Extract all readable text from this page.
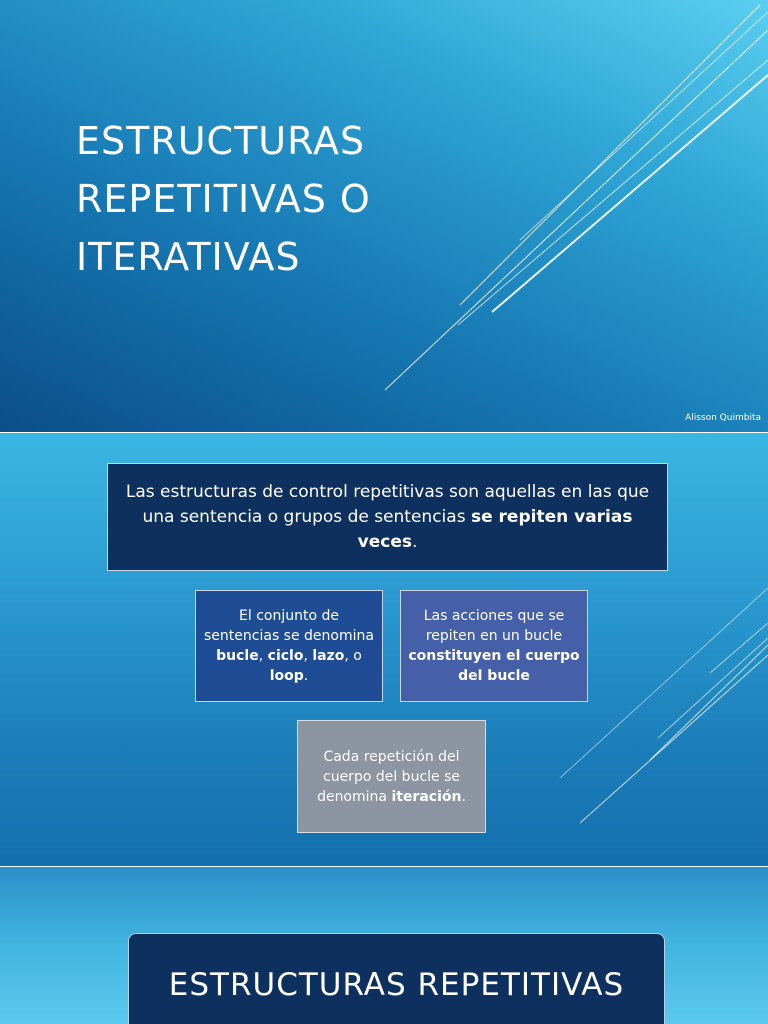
ESTRUCTURAS
REPETITIVAS O
ITERATIVAS

Alisson Quimbita

Las estructuras de control repetitivas son aquellas en las que una sentencia o grupos de sentencias se repiten varias veces.

El conjunto de sentencias se denomina bucle, ciclo, lazo, o loop.

Las acciones que se repiten en un bucle constituyen el cuerpo del bucle

Cada repetición del cuerpo del bucle se denomina iteración.

ESTRUCTURAS REPETITIVAS
